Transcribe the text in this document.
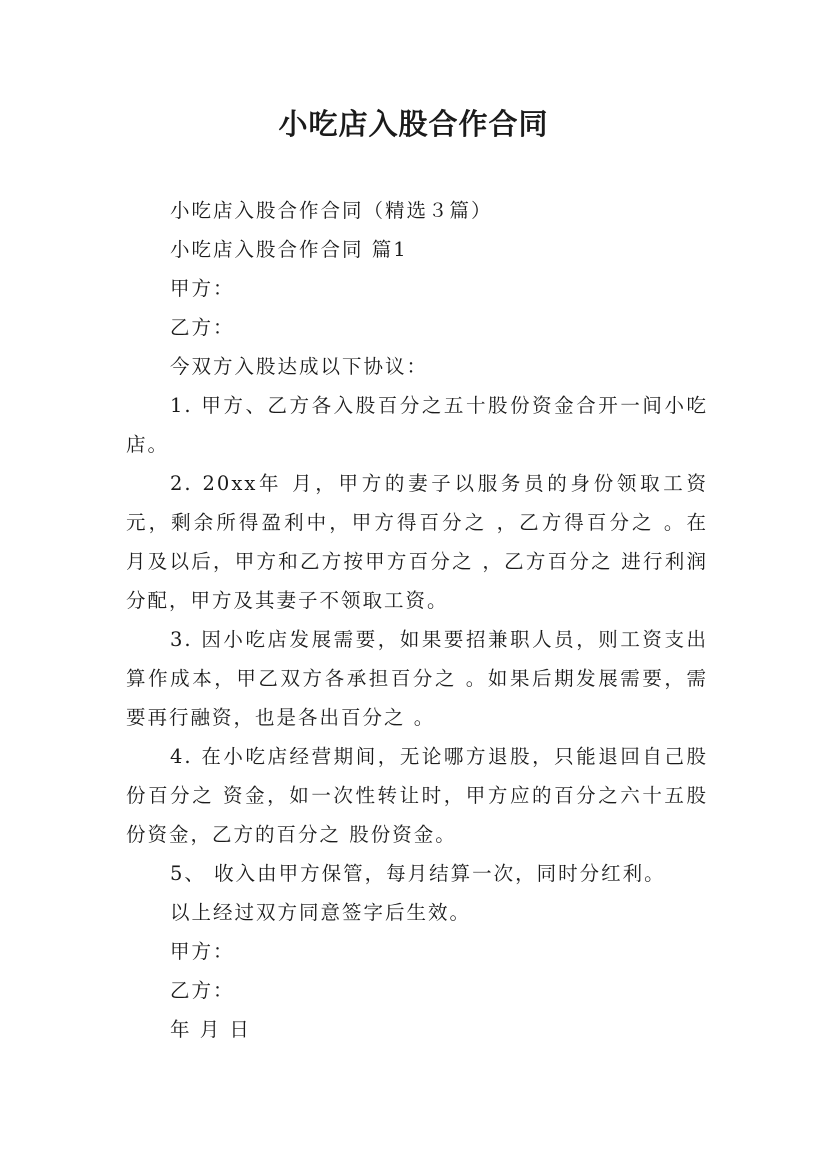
小吃店入股合作合同

小吃店入股合作合同（精选３篇）

小吃店入股合作合同 篇1

甲方：

乙方：

今双方入股达成以下协议：

1. 甲方、乙方各入股百分之五十股份资金合开一间小吃店。

2. 20xx年 月，甲方的妻子以服务员的身份领取工资 元，剩余所得盈利中，甲方得百分之 ，乙方得百分之 。在 月及以后，甲方和乙方按甲方百分之 ，乙方百分之 进行利润分配，甲方及其妻子不领取工资。

3. 因小吃店发展需要，如果要招兼职人员，则工资支出算作成本，甲乙双方各承担百分之 。如果后期发展需要，需要再行融资，也是各出百分之 。

4. 在小吃店经营期间，无论哪方退股，只能退回自己股份百分之 资金，如一次性转让时，甲方应的百分之六十五股份资金，乙方的百分之 股份资金。

5、 收入由甲方保管，每月结算一次，同时分红利。

以上经过双方同意签字后生效。

甲方：

乙方：

年 月 日
